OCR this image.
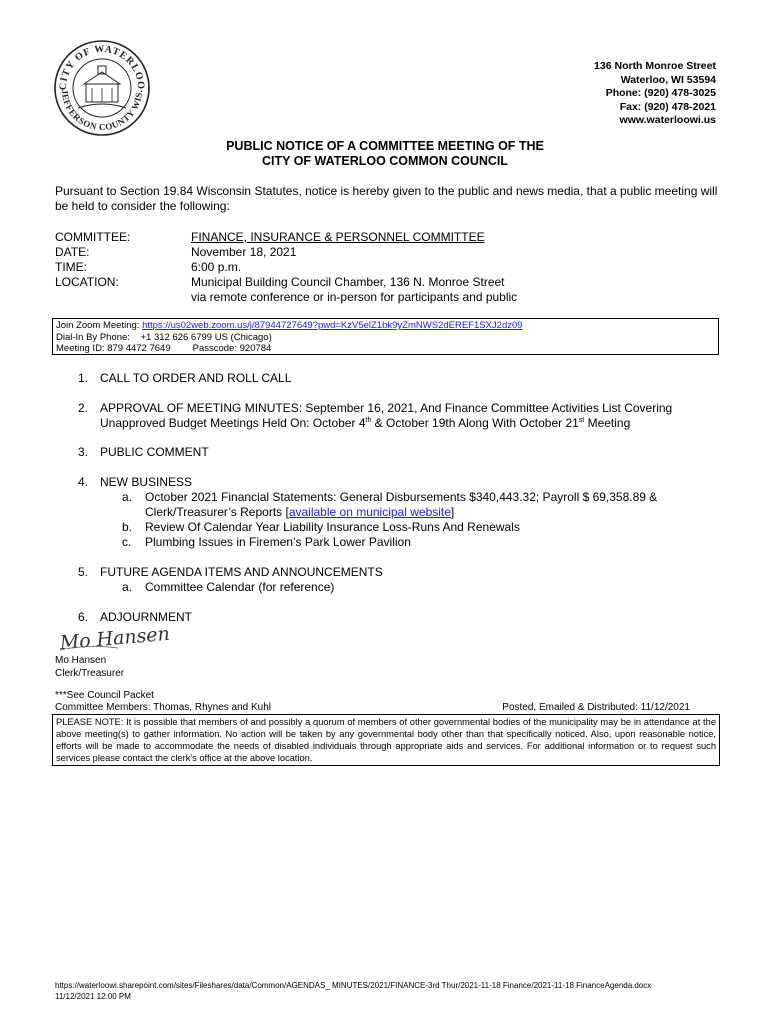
CITY OF WATERLOO
JEFFERSON COUNTY WIS.
136 North Monroe Street
Waterloo, WI 53594
Phone: (920) 478-3025
Fax: (920) 478-2021
www.waterloowi.us
PUBLIC NOTICE OF A COMMITTEE MEETING OF THE
CITY OF WATERLOO COMMON COUNCIL
Pursuant to Section 19.84 Wisconsin Statutes, notice is hereby given to the public and news media, that a public meeting will be held to consider the following:
COMMITTEE:	FINANCE, INSURANCE & PERSONNEL COMMITTEE
DATE:	November 18, 2021
TIME:	6:00 p.m.
LOCATION:	Municipal Building Council Chamber, 136 N. Monroe Street
via remote conference or in-person for participants and public
Join Zoom Meeting: https://us02web.zoom.us/j/87944727649?pwd=KzV5elZ1bk9yZmNWS2dEREF1SXJ2dz09
Dial-In By Phone:    +1 312 626 6799 US (Chicago)
Meeting ID: 879 4472 7649 Passcode: 920784
1. CALL TO ORDER AND ROLL CALL
2. APPROVAL OF MEETING MINUTES: September 16, 2021, And Finance Committee Activities List Covering
Unapproved Budget Meetings Held On: October 4th & October 19th Along With October 21st Meeting
3. PUBLIC COMMENT
4. NEW BUSINESS
a. October 2021 Financial Statements: General Disbursements $340,443.32; Payroll $ 69,358.89 &
Clerk/Treasurer’s Reports [available on municipal website]
b. Review Of Calendar Year Liability Insurance Loss-Runs And Renewals
c. Plumbing Issues in Firemen’s Park Lower Pavilion
5. FUTURE AGENDA ITEMS AND ANNOUNCEMENTS
a. Committee Calendar (for reference)
6. ADJOURNMENT
Mo Hansen
Mo Hansen
Clerk/Treasurer
***See Council Packet
Committee Members: Thomas, Rhynes and Kuhl	Posted, Emailed & Distributed: 11/12/2021
PLEASE NOTE: It is possible that members of and possibly a quorum of members of other governmental bodies of the municipality may be in attendance at the above meeting(s) to gather information. No action will be taken by any governmental body other than that specifically noticed. Also, upon reasonable notice, efforts will be made to accommodate the needs of disabled individuals through appropriate aids and services. For additional information or to request such services please contact the clerk's office at the above location.
https://waterloowi.sharepoint.com/sites/Fileshares/data/Common/AGENDAS_ MINUTES/2021/FINANCE-3rd Thur/2021-11-18 Finance/2021-11-18 FinanceAgenda.docx
11/12/2021 12:00 PM
